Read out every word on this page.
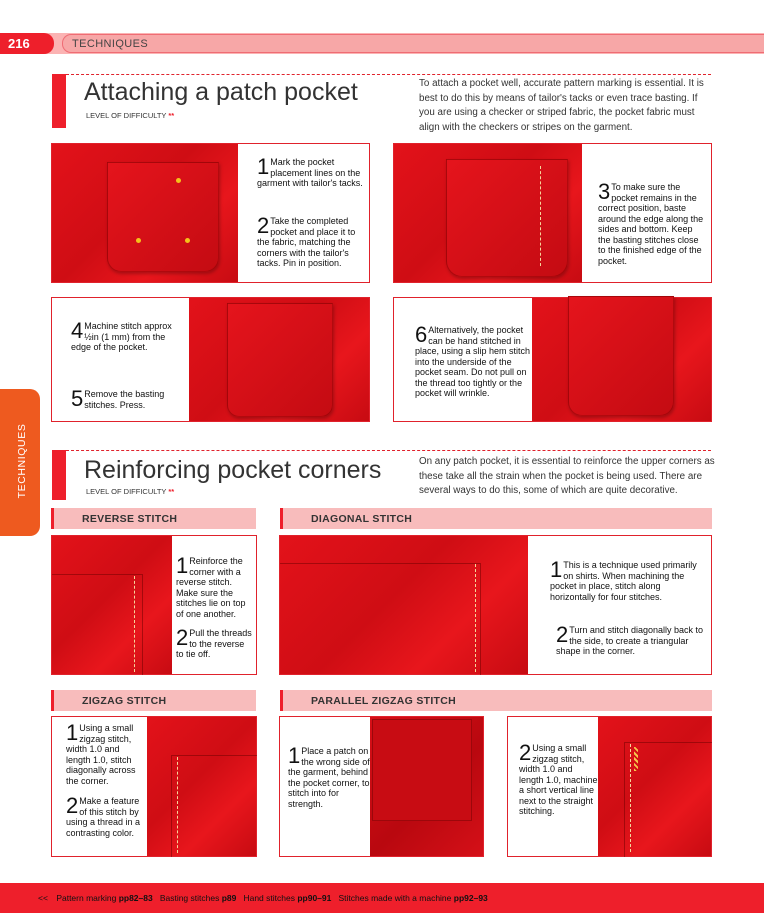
216	TECHNIQUES
TECHNIQUES
Attaching a patch pocket
LEVEL OF DIFFICULTY **
To attach a pocket well, accurate pattern marking is essential. It is best to do this by means of tailor's tacks or even trace basting. If you are using a checker or striped fabric, the pocket fabric must align with the checkers or stripes on the garment.
1 Mark the pocket placement lines on the garment with tailor's tacks.
2 Take the completed pocket and place it to the fabric, matching the corners with the tailor's tacks. Pin in position.
3 To make sure the pocket remains in the correct position, baste around the edge along the sides and bottom. Keep the basting stitches close to the finished edge of the pocket.
4 Machine stitch approx ½in (1 mm) from the edge of the pocket.
5 Remove the basting stitches. Press.
6 Alternatively, the pocket can be hand stitched in place, using a slip hem stitch into the underside of the pocket seam. Do not pull on the thread too tightly or the pocket will wrinkle.
Reinforcing pocket corners
LEVEL OF DIFFICULTY **
On any patch pocket, it is essential to reinforce the upper corners as these take all the strain when the pocket is being used. There are several ways to do this, some of which are quite decorative.
REVERSE STITCH
1 Reinforce the corner with a reverse stitch. Make sure the stitches lie on top of one another.
2 Pull the threads to the reverse to tie off.
DIAGONAL STITCH
1 This is a technique used primarily on shirts. When machining the pocket in place, stitch along horizontally for four stitches.
2 Turn and stitch diagonally back to the side, to create a triangular shape in the corner.
ZIGZAG STITCH
1 Using a small zigzag stitch, width 1.0 and length 1.0, stitch diagonally across the corner.
2 Make a feature of this stitch by using a thread in a contrasting color.
PARALLEL ZIGZAG STITCH
1 Place a patch on the wrong side of the garment, behind the pocket corner, to stitch into for strength.
2 Using a small zigzag stitch, width 1.0 and length 1.0, machine a short vertical line next to the straight stitching.
<< Pattern marking pp82–83 Basting stitches p89 Hand stitches pp90–91 Stitches made with a machine pp92–93
